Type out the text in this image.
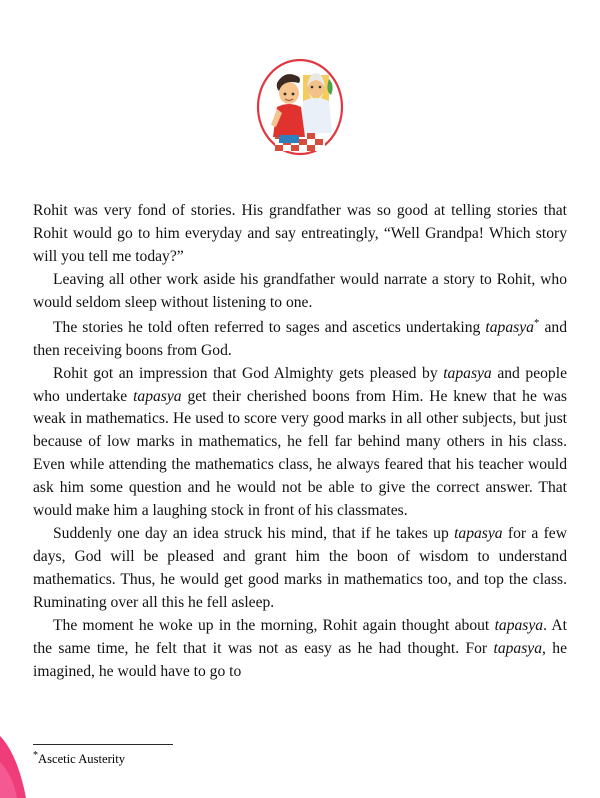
Rohit was very fond of stories. His grandfather was so good at telling stories that Rohit would go to him everyday and say entreatingly, “Well Grandpa! Which story will you tell me today?”

Leaving all other work aside his grandfather would narrate a story to Rohit, who would seldom sleep without listening to one.

The stories he told often referred to sages and ascetics undertaking tapasya* and then receiving boons from God.

Rohit got an impression that God Almighty gets pleased by tapasya and people who undertake tapasya get their cherished boons from Him. He knew that he was weak in mathematics. He used to score very good marks in all other subjects, but just because of low marks in mathematics, he fell far behind many others in his class. Even while attending the mathematics class, he always feared that his teacher would ask him some question and he would not be able to give the correct answer. That would make him a laughing stock in front of his classmates.

Suddenly one day an idea struck his mind, that if he takes up tapasya for a few days, God will be pleased and grant him the boon of wisdom to understand mathematics. Thus, he would get good marks in mathematics too, and top the class. Ruminating over all this he fell asleep.

The moment he woke up in the morning, Rohit again thought about tapasya. At the same time, he felt that it was not as easy as he had thought. For tapasya, he imagined, he would have to go to

*Ascetic Austerity
